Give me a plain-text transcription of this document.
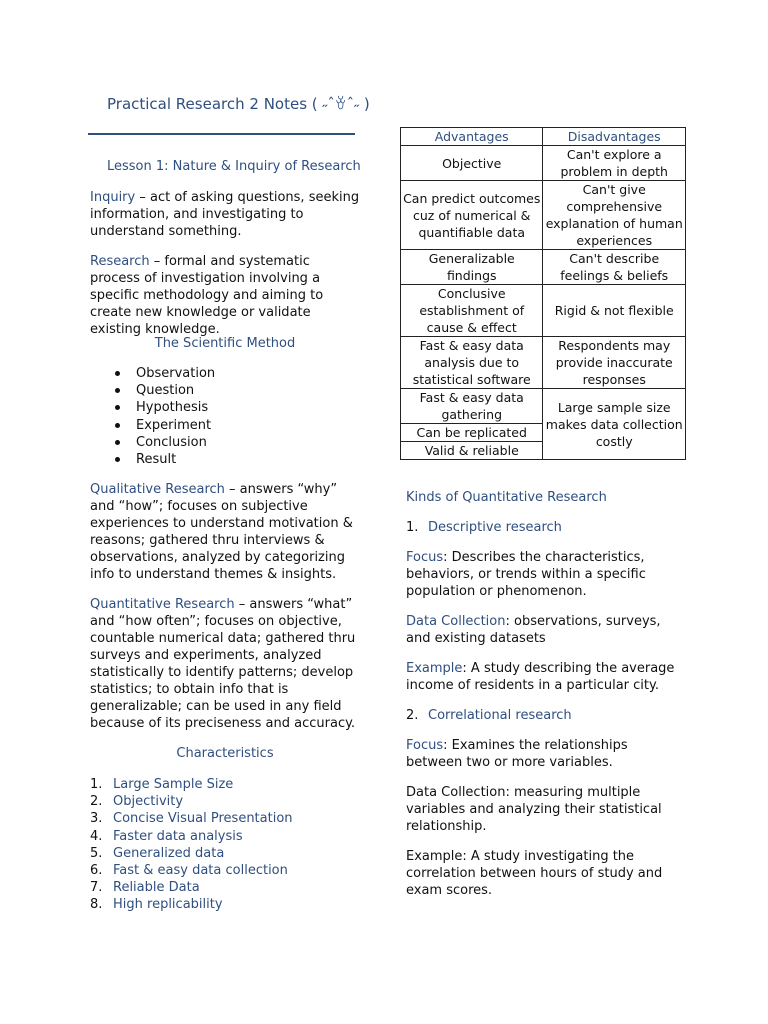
Practical Research 2 Notes ( ˶ˆꈊˆ˶ )
Lesson 1: Nature & Inquiry of Research

Inquiry – act of asking questions, seeking information, and investigating to understand something.

Research – formal and systematic process of investigation involving a specific methodology and aiming to create new knowledge or validate existing knowledge.

The Scientific Method
Observation
Question
Hypothesis
Experiment
Conclusion
Result

Qualitative Research – answers “why” and “how”; focuses on subjective experiences to understand motivation & reasons; gathered thru interviews & observations, analyzed by categorizing info to understand themes & insights.

Quantitative Research – answers “what” and “how often”; focuses on objective, countable numerical data; gathered thru surveys and experiments, analyzed statistically to identify patterns; develop statistics; to obtain info that is generalizable; can be used in any field because of its preciseness and accuracy.

Characteristics
1. Large Sample Size
2. Objectivity
3. Concise Visual Presentation
4. Faster data analysis
5. Generalized data
6. Fast & easy data collection
7. Reliable Data
8. High replicability
Advantages	Disadvantages
Objective	Can't explore a problem in depth
Can predict outcomes cuz of numerical & quantifiable data	Can't give comprehensive explanation of human experiences
Generalizable findings	Can't describe feelings & beliefs
Conclusive establishment of cause & effect	Rigid & not flexible
Fast & easy data analysis due to statistical software	Respondents may provide inaccurate responses
Fast & easy data gathering	Large sample size makes data collection costly
Can be replicated	
Valid & reliable	
Kinds of Quantitative Research
1. Descriptive research

Focus: Describes the characteristics, behaviors, or trends within a specific population or phenomenon.

Data Collection: observations, surveys, and existing datasets

Example: A study describing the average income of residents in a particular city.

2. Correlational research

Focus: Examines the relationships between two or more variables.

Data Collection: measuring multiple variables and analyzing their statistical relationship.

Example: A study investigating the correlation between hours of study and exam scores.
